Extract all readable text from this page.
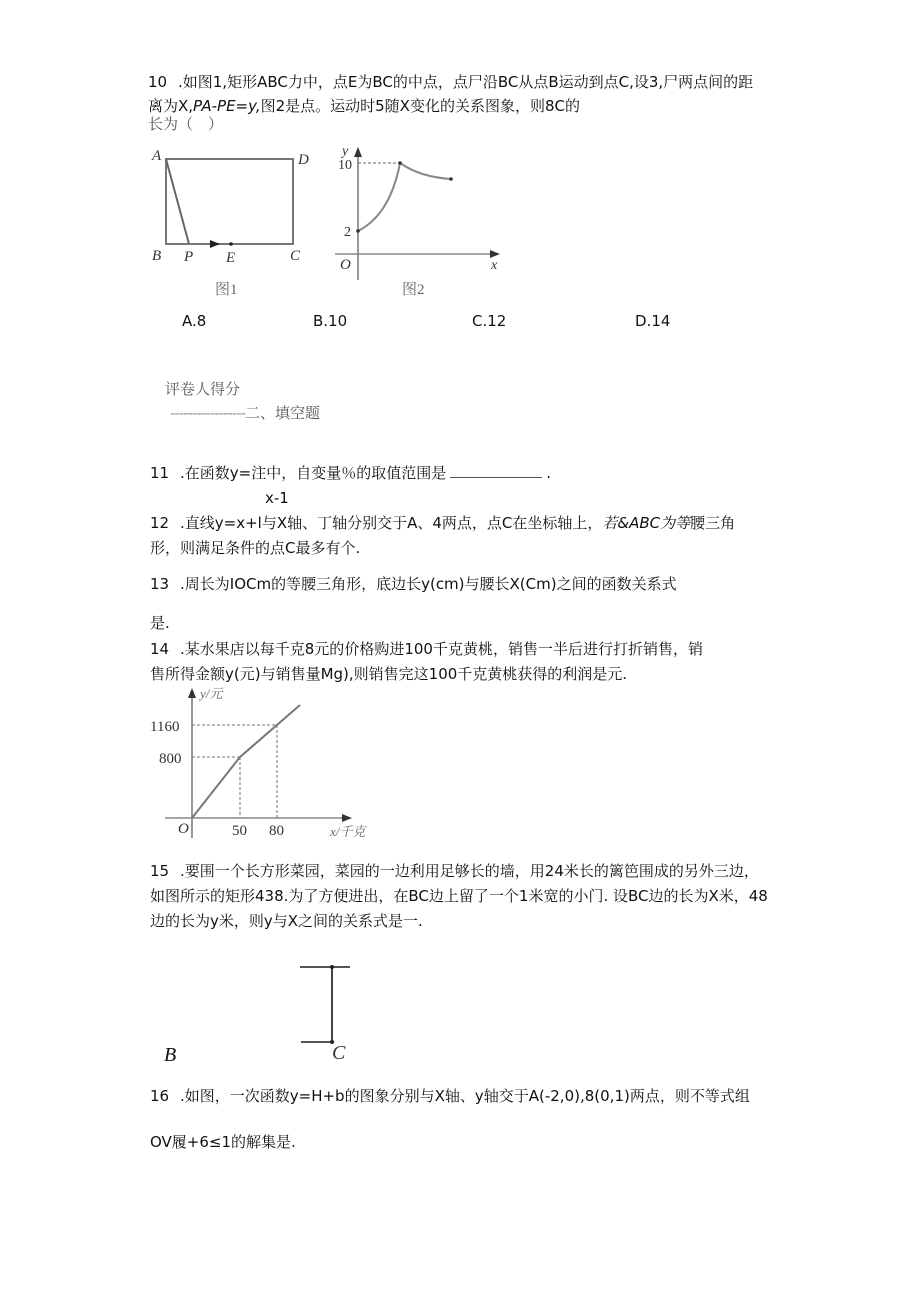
10 .如图1,矩形ABC力中，点E为BC的中点，点尸沿BC从点B运动到点C,设3,尸两点间的距
离为X,PA-PE=y,图2是点。运动时5随X变化的关系图象，则8C的
长为（　）
A	D
B P E	C
图1
y
10
2
O	x
图2
A.8	B.10	C.12	D.14
评卷人得分
-----------------二、填空题
11 .在函数y=注中，自变量％的取值范围是	.
x-1
12 .直线y=x+l与X轴、丁轴分别交于A、4两点，点C在坐标轴上，若&ABC为等腰三角
形，则满足条件的点C最多有个.
13 .周长为IOCm的等腰三角形，底边长y(cm)与腰长X(Cm)之间的函数关系式
是.
14 .某水果店以每千克8元的价格购进100千克黄桃，销售一半后进行打折销售，销
售所得金额y(元)与销售量Mg),则销售完这100千克黄桃获得的利润是元.
y/元
1160
800
O	50 80	x/千克
15 .要围一个长方形菜园，菜园的一边利用足够长的墙，用24米长的篱笆围成的另外三边，
如图所示的矩形438.为了方便进出，在BC边上留了一个1米宽的小门. 设BC边的长为X米，48
边的长为y米，则y与X之间的关系式是一.
B	C
16 .如图，一次函数y=H+b的图象分别与X轴、y轴交于A(-2,0),8(0,1)两点，则不等式组
OV履+6≤1的解集是.
